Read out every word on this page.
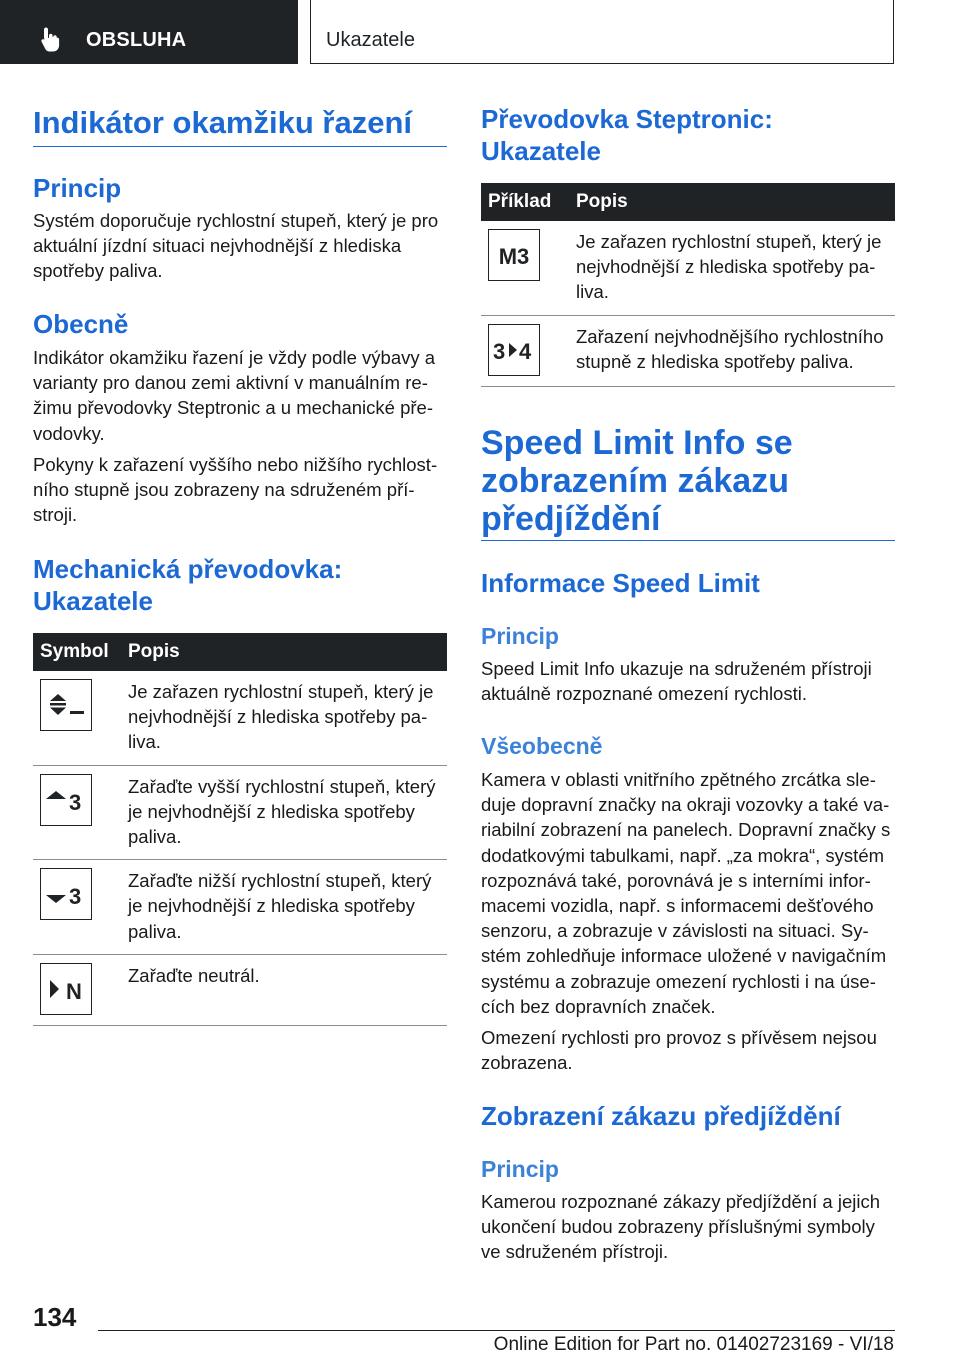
OBSLUHA	Ukazatele
Indikátor okamžiku řazení
Princip
Systém doporučuje rychlostní stupeň, který je pro aktuální jízdní situaci nejvhodnější z hlediska spotřeby paliva.
Obecně
Indikátor okamžiku řazení je vždy podle výbavy a varianty pro danou zemi aktivní v manuálním režimu převodovky Steptronic a u mechanické převodovky.
Pokyny k zařazení vyššího nebo nižšího rychlostního stupně jsou zobrazeny na sdruženém přístroji.
Mechanická převodovka: Ukazatele
Symbol	Popis

	Je zařazen rychlostní stupeň, který je nejvhodnější z hlediska spotřeby paliva.

3	Zařaďte vyšší rychlostní stupeň, který je nejvhodnější z hlediska spotřeby paliva.

3	Zařaďte nižší rychlostní stupeň, který je nejvhodnější z hlediska spotřeby paliva.

N	Zařaďte neutrál.
Převodovka Steptronic: Ukazatele
Příklad	Popis

M3	Je zařazen rychlostní stupeň, který je nejvhodnější z hlediska spotřeby paliva.

3 4	Zařazení nejvhodnějšího rychlostního stupně z hlediska spotřeby paliva.
Speed Limit Info se zobrazením zákazu předjíždění
Informace Speed Limit
Princip
Speed Limit Info ukazuje na sdruženém přístroji aktuálně rozpoznané omezení rychlosti.
Všeobecně
Kamera v oblasti vnitřního zpětného zrcátka sleduje dopravní značky na okraji vozovky a také variabilní zobrazení na panelech. Dopravní značky s dodatkovými tabulkami, např. „za mokra“, systém rozpoznává také, porovnává je s interními informacemi vozidla, např. s informacemi dešťového senzoru, a zobrazuje v závislosti na situaci. Systém zohledňuje informace uložené v navigačním systému a zobrazuje omezení rychlosti i na úsecích bez dopravních značek.
Omezení rychlosti pro provoz s přívěsem nejsou zobrazena.
Zobrazení zákazu předjíždění
Princip
Kamerou rozpoznané zákazy předjíždění a jejich ukončení budou zobrazeny příslušnými symboly ve sdruženém přístroji.
134
Online Edition for Part no. 01402723169 - VI/18
